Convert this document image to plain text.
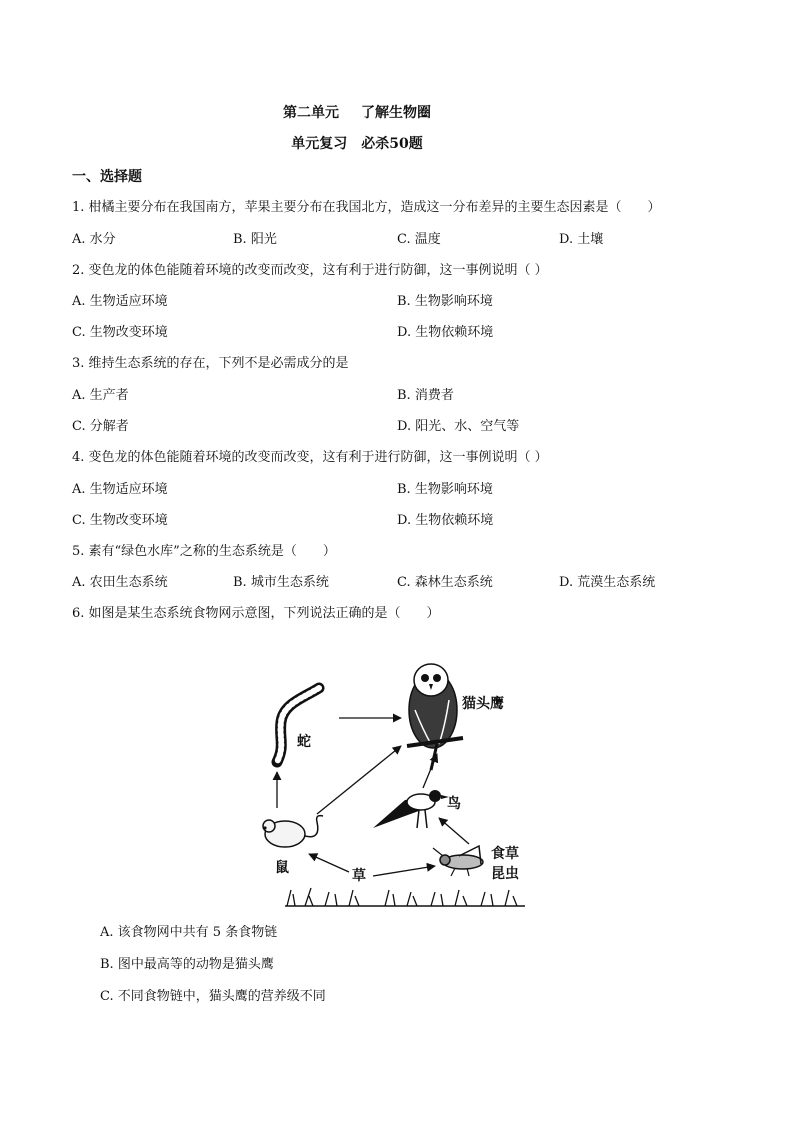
第二单元 了解生物圈
单元复习 必杀50题
一、选择题
1. 柑橘主要分布在我国南方，苹果主要分布在我国北方，造成这一分布差异的主要生态因素是（　　）
A. 水分	B. 阳光	C. 温度	D. 土壤
2. 变色龙的体色能随着环境的改变而改变，这有利于进行防御，这一事例说明（ ）
A. 生物适应环境	B. 生物影响环境
C. 生物改变环境	D. 生物依赖环境
3. 维持生态系统的存在，下列不是必需成分的是
A. 生产者	B. 消费者
C. 分解者	D. 阳光、水、空气等
4. 变色龙的体色能随着环境的改变而改变，这有利于进行防御，这一事例说明（ ）
A. 生物适应环境	B. 生物影响环境
C. 生物改变环境	D. 生物依赖环境
5. 素有“绿色水库”之称的生态系统是（　　）
A. 农田生态系统	B. 城市生态系统	C. 森林生态系统	D. 荒漠生态系统
6. 如图是某生态系统食物网示意图，下列说法正确的是（　　）
蛇
猫头鹰
鸟
鼠
食草
昆虫
草
A. 该食物网中共有 5 条食物链
B. 图中最高等的动物是猫头鹰
C. 不同食物链中，猫头鹰的营养级不同
